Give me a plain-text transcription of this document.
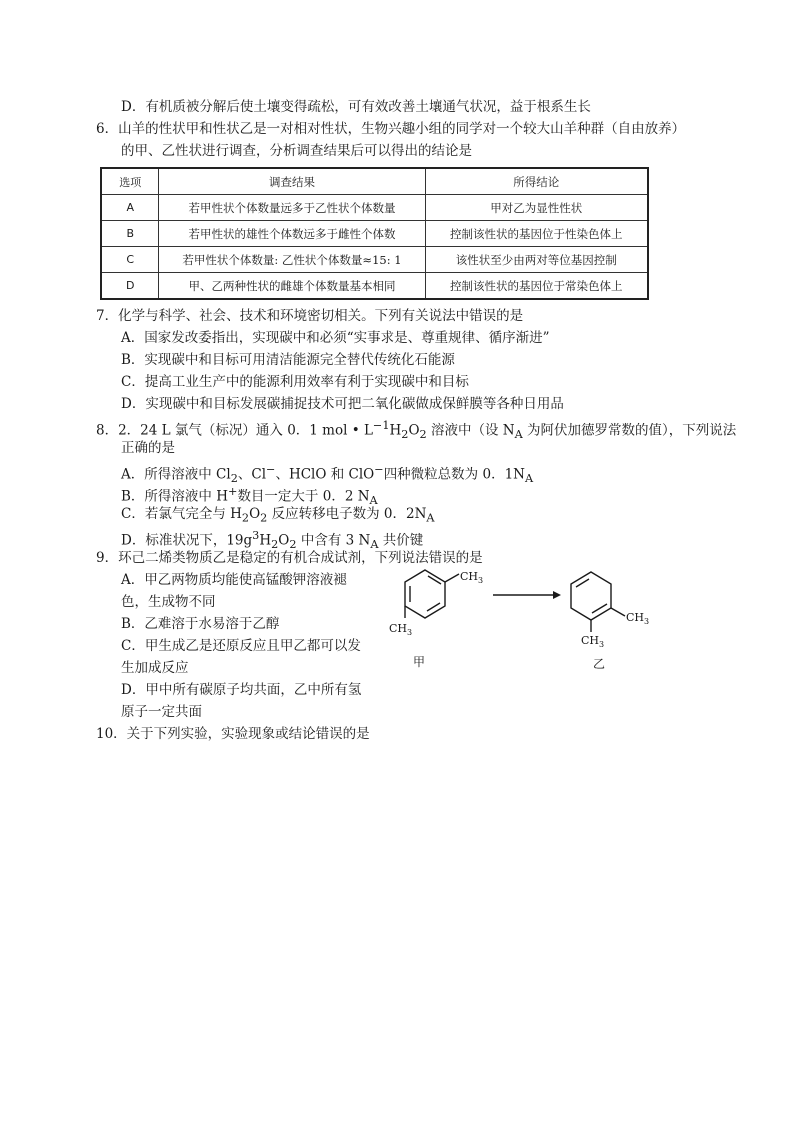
D．有机质被分解后使土壤变得疏松，可有效改善土壤通气状况，益于根系生长
6．山羊的性状甲和性状乙是一对相对性状，生物兴趣小组的同学对一个较大山羊种群（自由放养）
的甲、乙性状进行调查，分析调查结果后可以得出的结论是
选项	调查结果	所得结论
A	若甲性状个体数量远多于乙性状个体数量	甲对乙为显性性状
B	若甲性状的雄性个体数远多于雌性个体数	控制该性状的基因位于性染色体上
C	若甲性状个体数量: 乙性状个体数量≈15: 1	该性状至少由两对等位基因控制
D	甲、乙两种性状的雌雄个体数量基本相同	控制该性状的基因位于常染色体上
7．化学与科学、社会、技术和环境密切相关。下列有关说法中错误的是
A．国家发改委指出，实现碳中和必须“实事求是、尊重规律、循序渐进”
B．实现碳中和目标可用清洁能源完全替代传统化石能源
C．提高工业生产中的能源利用效率有利于实现碳中和目标
D．实现碳中和目标发展碳捕捉技术可把二氧化碳做成保鲜膜等各种日用品
8．2．24 L 氯气（标况）通入 0．1 mol • $L^{-1}H_2O_2$ 溶液中（设 $N_A$ 为阿伏加德罗常数的值），下列说法
正确的是
A．所得溶液中 $Cl_2$、Cl−、HClO 和 ClO−四种微粒总数为 0．$1N_A$
B．所得溶液中 H+数目一定大于 0．2 $N_A$
C．若氯气完全与 $H_2O_2$ 反应转移电子数为 0．$2N_A$
D．标准状况下，$19g^3H_2O_2$ 中含有 3 $N_A$ 共价键
9．环己二烯类物质乙是稳定的有机合成试剂，下列说法错误的是
A．甲乙两物质均能使高锰酸钾溶液褪
色，生成物不同
B．乙难溶于水易溶于乙醇
C．甲生成乙是还原反应且甲乙都可以发
生加成反应
D．甲中所有碳原子均共面，乙中所有氢
原子一定共面
$CH_3$
$CH_3$
甲
$CH_3$
$CH_3$
乙
10．关于下列实验，实验现象或结论错误的是
